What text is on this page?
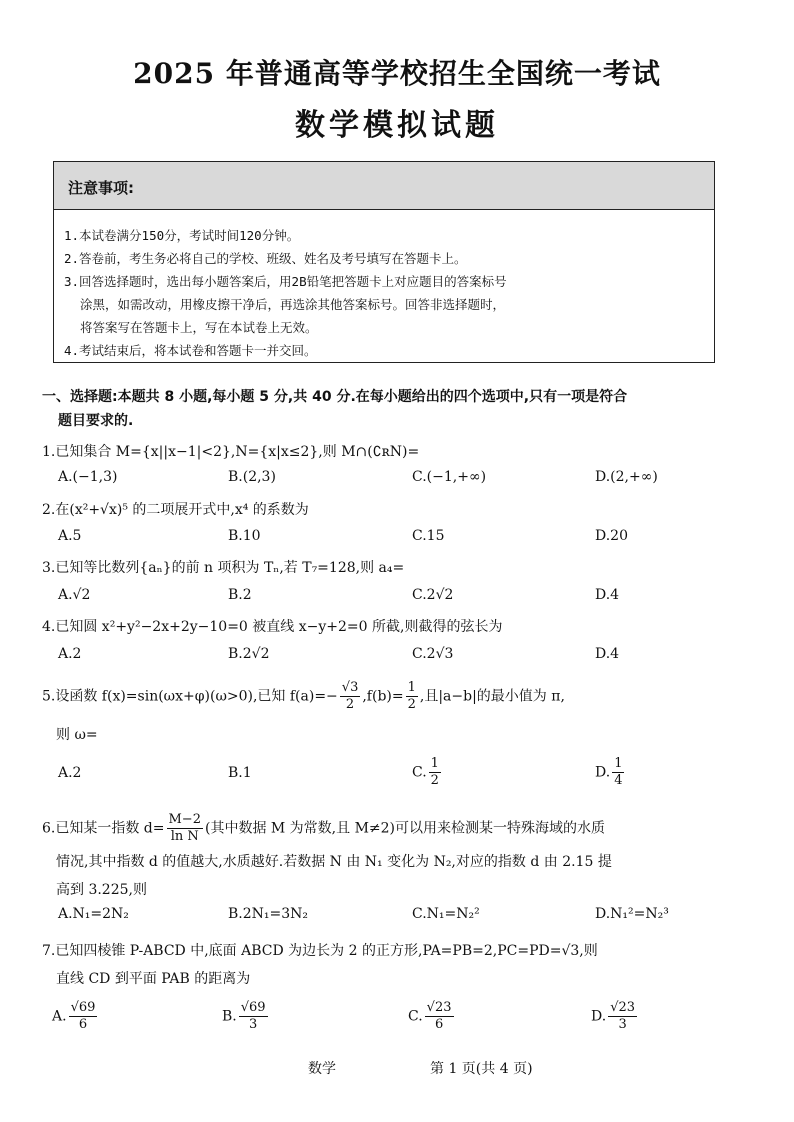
2025 年普通高等学校招生全国统一考试
数学模拟试题
注意事项:
1.本试卷满分150分，考试时间120分钟。
2.答卷前，考生务必将自己的学校、班级、姓名及考号填写在答题卡上。
3.回答选择题时，选出每小题答案后，用2B铅笔把答题卡上对应题目的答案标号
涂黑，如需改动，用橡皮擦干净后，再选涂其他答案标号。回答非选择题时，
将答案写在答题卡上，写在本试卷上无效。
4.考试结束后，将本试卷和答题卡一并交回。
一、选择题:本题共 8 小题,每小题 5 分,共 40 分.在每小题给出的四个选项中,只有一项是符合
题目要求的.
1.已知集合 M={x||x−1|<2},N={x|x≤2},则 M∩(∁ʀN)=
A.(−1,3)	B.(2,3)	C.(−1,+∞)	D.(2,+∞)
2.在(x²+√x)⁵ 的二项展开式中,x⁴ 的系数为
A.5	B.10	C.15	D.20
3.已知等比数列{aₙ}的前 n 项积为 Tₙ,若 T₇=128,则 a₄=
A.√2	B.2	C.2√2	D.4
4.已知圆 x²+y²−2x+2y−10=0 被直线 x−y+2=0 所截,则截得的弦长为
A.2	B.2√2	C.2√3	D.4
5.设函数 f(x)=sin(ωx+φ)(ω>0),已知 $f(a)=- \frac{√3}{2} ,f(b)= \frac{1}{2}$ ,且|a−b|的最小值为 π,
则 ω=
A.2	B.1	C. $\frac{1}{2}$	D. $\frac{1}{4}$
6.已知某一指数 $d= \frac{M-2}{\text{ln N}}$ (其中数据 M 为常数,且 M≠2)可以用来检测某一特殊海域的水质
情况,其中指数 d 的值越大,水质越好.若数据 N 由 N₁ 变化为 N₂,对应的指数 d 由 2.15 提
高到 3.225,则
A.N₁=2N₂	B.2N₁=3N₂	C.N₁=N₂²	D.N₁²=N₂³
7.已知四棱锥 P-ABCD 中,底面 ABCD 为边长为 2 的正方形,PA=PB=2,PC=PD=√3,则
直线 CD 到平面 PAB 的距离为
A. $\frac{√69}{6}$	B. $\frac{√69}{3}$	C. $\frac{√23}{6}$	D. $\frac{√23}{3}$
数学	第 1 页(共 4 页)
